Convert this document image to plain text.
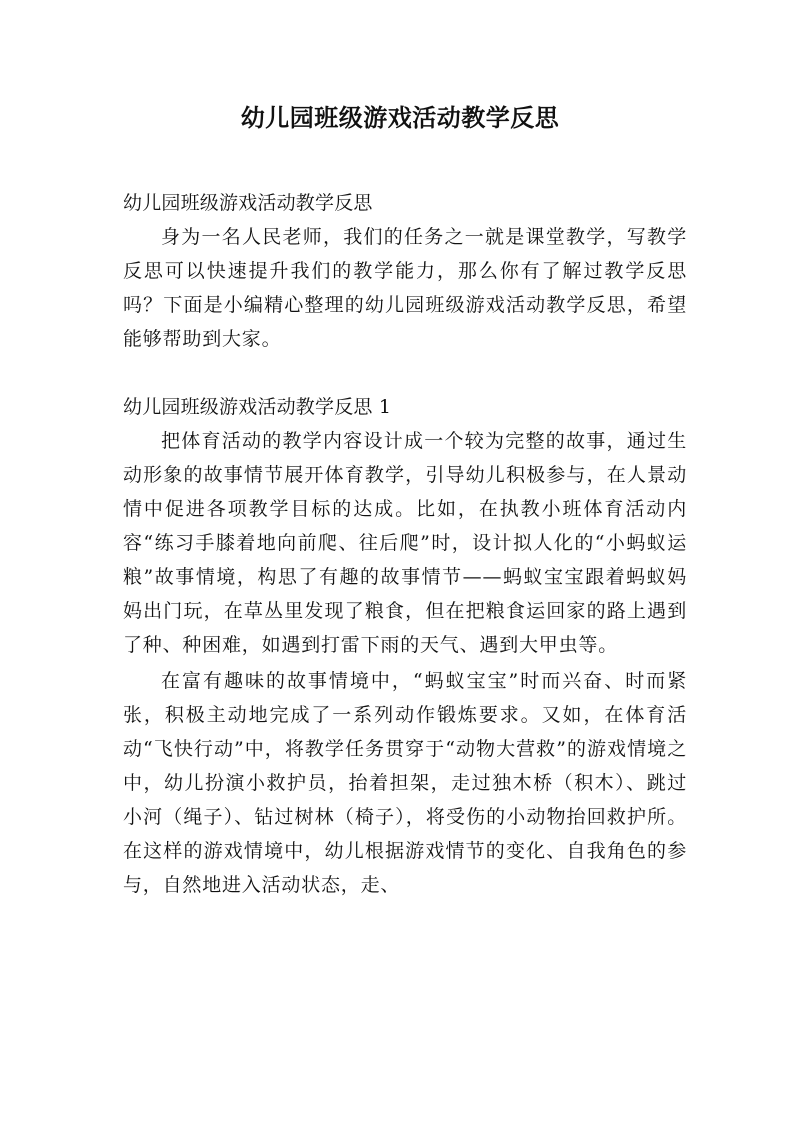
幼儿园班级游戏活动教学反思

幼儿园班级游戏活动教学反思

身为一名人民老师，我们的任务之一就是课堂教学，写教学反思可以快速提升我们的教学能力，那么你有了解过教学反思吗？下面是小编精心整理的幼儿园班级游戏活动教学反思，希望能够帮助到大家。

幼儿园班级游戏活动教学反思 1

把体育活动的教学内容设计成一个较为完整的故事，通过生动形象的故事情节展开体育教学，引导幼儿积极参与，在人景动情中促进各项教学目标的达成。比如，在执教小班体育活动内容“练习手膝着地向前爬、往后爬”时，设计拟人化的“小蚂蚁运粮”故事情境，构思了有趣的故事情节——蚂蚁宝宝跟着蚂蚁妈妈出门玩，在草丛里发现了粮食，但在把粮食运回家的路上遇到了种、种困难，如遇到打雷下雨的天气、遇到大甲虫等。

在富有趣味的故事情境中，“蚂蚁宝宝”时而兴奋、时而紧张，积极主动地完成了一系列动作锻炼要求。又如，在体育活动“飞快行动”中，将教学任务贯穿于“动物大营救”的游戏情境之中，幼儿扮演小救护员，抬着担架，走过独木桥（积木）、跳过小河（绳子）、钻过树林（椅子），将受伤的小动物抬回救护所。在这样的游戏情境中，幼儿根据游戏情节的变化、自我角色的参与，自然地进入活动状态，走、
